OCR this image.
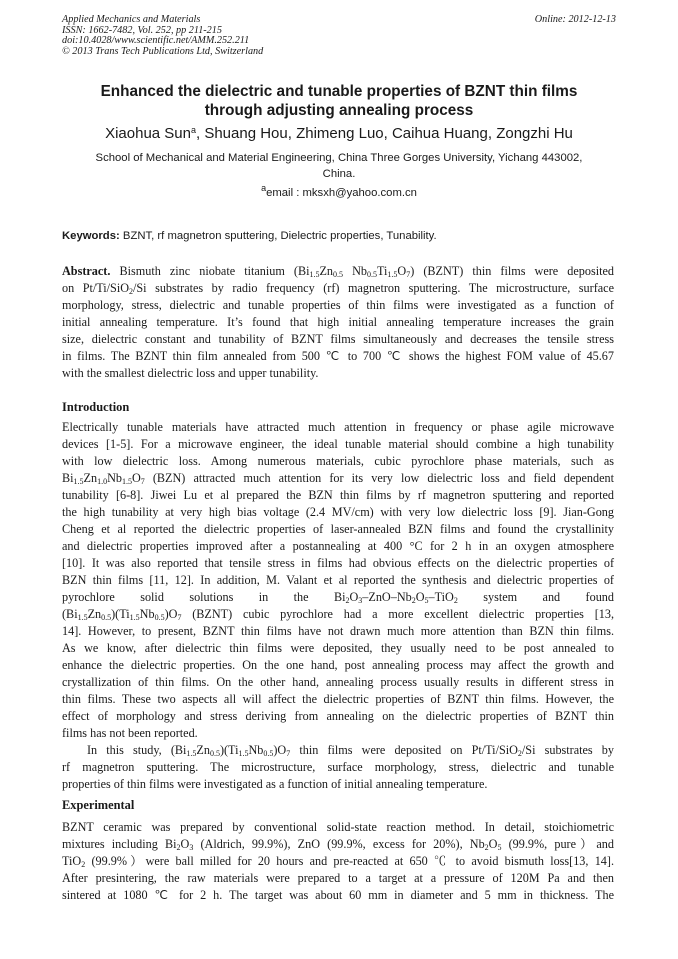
Applied Mechanics and Materials
ISSN: 1662-7482, Vol. 252, pp 211-215
doi:10.4028/www.scientific.net/AMM.252.211
© 2013 Trans Tech Publications Ltd, Switzerland
Online: 2012-12-13
Enhanced the dielectric and tunable properties of BZNT thin films
through adjusting annealing process
Xiaohua Sun$^a$, Shuang Hou, Zhimeng Luo, Caihua Huang, Zongzhi Hu
School of Mechanical and Material Engineering, China Three Gorges University, Yichang 443002,
China.
$^a$email : mksxh@yahoo.com.cn
Keywords: BZNT, rf magnetron sputtering, Dielectric properties, Tunability.
Abstract. Bismuth zinc niobate titanium ($Bi_{1.5}Zn_{0.5}$ $Nb_{0.5}Ti_{1.5}O_7$) (BZNT) thin films were deposited
on Pt/Ti/SiO$_2$/Si substrates by radio frequency (rf) magnetron sputtering. The microstructure, surface
morphology, stress, dielectric and tunable properties of thin films were investigated as a function of
initial annealing temperature. It’s found that high initial annealing temperature increases the grain
size, dielectric constant and tunability of BZNT films simultaneously and decreases the tensile stress
in films. The BZNT thin film annealed from 500 ℃ to 700 ℃ shows the highest FOM value of 45.67
with the smallest dielectric loss and upper tunability.
Introduction
Electrically tunable materials have attracted much attention in frequency or phase agile microwave
devices [1-5]. For a microwave engineer, the ideal tunable material should combine a high tunability
with low dielectric loss. Among numerous materials, cubic pyrochlore phase materials, such as
$Bi_{1.5}Zn_{1.0}Nb_{1.5}O_7$ (BZN) attracted much attention for its very low dielectric loss and field dependent
tunability [6-8]. Jiwei Lu et al prepared the BZN thin films by rf magnetron sputtering and reported
the high tunability at very high bias voltage (2.4 MV/cm) with very low dielectric loss [9]. Jian-Gong
Cheng et al reported the dielectric properties of laser-annealed BZN films and found the crystallinity
and dielectric properties improved after a postannealing at 400 °C for 2 h in an oxygen atmosphere
[10]. It was also reported that tensile stress in films had obvious effects on the dielectric properties of
BZN thin films [11, 12]. In addition, M. Valant et al reported the synthesis and dielectric properties of
pyrochlore solid solutions in the $Bi_2O_3-ZnO-Nb_2O_5-TiO_2$ system and found
$(Bi_{1.5}Zn_{0.5})(Ti_{1.5}Nb_{0.5})O_7$ (BZNT) cubic pyrochlore had a more excellent dielectric properties [13,
14]. However, to present, BZNT thin films have not drawn much more attention than BZN thin films.
As we know, after dielectric thin films were deposited, they usually need to be post annealed to
enhance the dielectric properties. On the one hand, post annealing process may affect the growth and
crystallization of thin films. On the other hand, annealing process usually results in different stress in
thin films. These two aspects all will affect the dielectric properties of BZNT thin films. However, the
effect of morphology and stress deriving from annealing on the dielectric properties of BZNT thin
films has not been reported.
In this study, $(Bi_{1.5}Zn_{0.5})(Ti_{1.5}Nb_{0.5})O_7$ thin films were deposited on Pt/Ti/SiO$_2$/Si substrates by
rf magnetron sputtering. The microstructure, surface morphology, stress, dielectric and tunable
properties of thin films were investigated as a function of initial annealing temperature.
Experimental
BZNT ceramic was prepared by conventional solid-state reaction method. In detail, stoichiometric
mixtures including $Bi_2O_3$ (Aldrich, 99.9%), ZnO (99.9%, excess for 20%), $Nb_2O_5$ (99.9%, pure）and
TiO$_2$ (99.9%）were ball milled for 20 hours and pre-reacted at 650 ℃ to avoid bismuth loss[13, 14].
After presintering, the raw materials were prepared to a target at a pressure of 120M Pa and then
sintered at 1080 ℃ for 2 h. The target was about 60 mm in diameter and 5 mm in thickness. The
